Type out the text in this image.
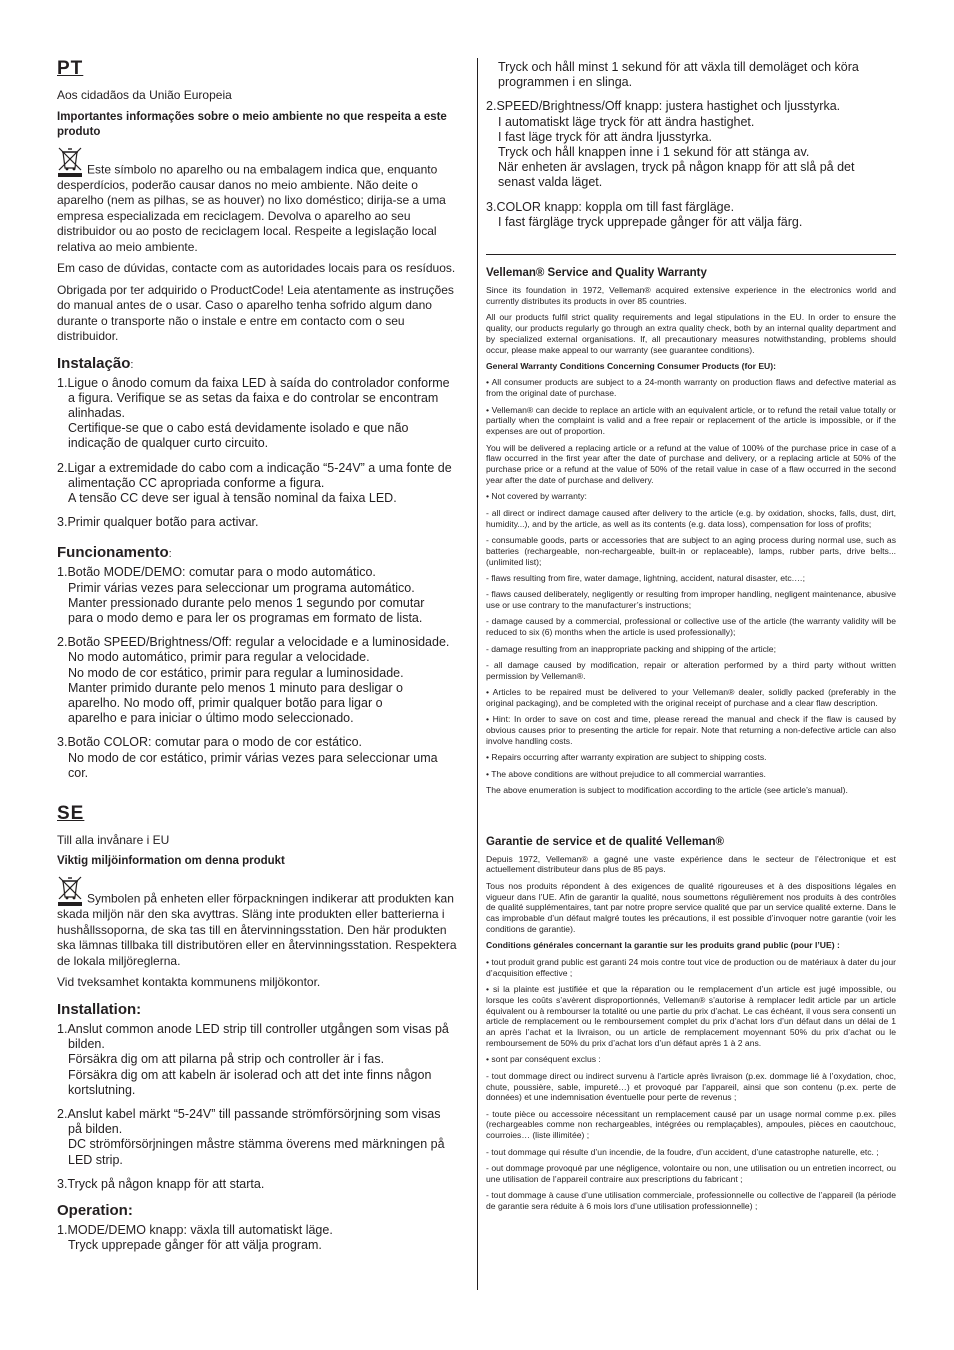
PT
Aos cidadãos da União Europeia
Importantes informações sobre o meio ambiente no que respeita a este produto
Este símbolo no aparelho ou na embalagem indica que, enquanto desperdícios, poderão causar danos no meio ambiente. Não deite o aparelho (nem as pilhas, se as houver) no lixo doméstico; dirija-se a uma empresa especializada em reciclagem. Devolva o aparelho ao seu distribuidor ou ao posto de reciclagem local. Respeite a legislação local relativa ao meio ambiente.
Em caso de dúvidas, contacte com as autoridades locais para os resíduos.
Obrigada por ter adquirido o ProductCode! Leia atentamente as instruções do manual antes de o usar. Caso o aparelho tenha sofrido algum dano durante o transporte não o instale e entre em contacto com o seu distribuidor.
Instalação:
1.Ligue o ânodo comum da faixa LED à saída do controlador conforme
a figura. Verifique se as setas da faixa e do controlar se encontram
alinhadas.
Certifique-se que o cabo está devidamente isolado e que não
indicação de qualquer curto circuito.
2.Ligar a extremidade do cabo com a indicação “5-24V” a uma fonte de
alimentação CC apropriada conforme a figura.
A tensão CC deve ser igual à tensão nominal da faixa LED.
3.Primir qualquer botão para activar.
Funcionamento:
1.Botão MODE/DEMO: comutar para o modo automático.
Primir várias vezes para seleccionar um programa automático.
Manter pressionado durante pelo menos 1 segundo por comutar
para o modo demo e para ler os programas em formato de lista.
2.Botão SPEED/Brightness/Off: regular a velocidade e a luminosidade.
No modo automático, primir para regular a velocidade.
No modo de cor estático, primir para regular a luminosidade.
Manter primido durante pelo menos 1 minuto para desligar o
aparelho. No modo off, primir qualquer botão para ligar o
aparelho e para iniciar o último modo seleccionado.
3.Botão COLOR: comutar para o modo de cor estático.
No modo de cor estático, primir várias vezes para seleccionar uma
cor.
SE
Till alla invånare i EU
Viktig miljöinformation om denna produkt
Symbolen på enheten eller förpackningen indikerar att produkten kan skada miljön när den ska avyttras. Släng inte produkten eller batterierna i hushållssoporna, de ska tas till en återvinningsstation. Den här produkten ska lämnas tillbaka till distributören eller en återvinningsstation. Respektera de lokala miljöreglerna.
Vid tveksamhet kontakta kommunens miljökontor.
Installation:
1.Anslut common anode LED strip till controller utgången som visas på
bilden.
Försäkra dig om att pilarna på strip och controller är i fas.
Försäkra dig om att kabeln är isolerad och att det inte finns någon
kortslutning.
2.Anslut kabel märkt “5-24V” till passande strömförsörjning som visas
på bilden.
DC strömförsörjningen måstre stämma överens med märkningen på
LED strip.
3.Tryck på någon knapp för att starta.
Operation:
1.MODE/DEMO knapp: växla till automatiskt läge.
Tryck upprepade gånger för att välja program.
Tryck och håll minst 1 sekund för att växla till demoläget och köra
programmen i en slinga.
2.SPEED/Brightness/Off knapp: justera hastighet och ljusstyrka.
I automatiskt läge tryck för att ändra hastighet.
I fast läge tryck för att ändra ljusstyrka.
Tryck och håll knappen inne i 1 sekund för att stänga av.
När enheten är avslagen, tryck på någon knapp för att slå på det
senast valda läget.
3.COLOR knapp: koppla om till fast färgläge.
I fast färgläge tryck upprepade gånger för att välja färg.
Velleman® Service and Quality Warranty
Since its foundation in 1972, Velleman® acquired extensive experience in the electronics world and currently distributes its products in over 85 countries.
All our products fulfil strict quality requirements and legal stipulations in the EU. In order to ensure the quality, our products regularly go through an extra quality check, both by an internal quality department and by specialized external organisations. If, all precautionary measures notwithstanding, problems should occur, please make appeal to our warranty (see guarantee conditions).
General Warranty Conditions Concerning Consumer Products (for EU):
• All consumer products are subject to a 24-month warranty on production flaws and defective material as from the original date of purchase.
• Velleman® can decide to replace an article with an equivalent article, or to refund the retail value totally or partially when the complaint is valid and a free repair or replacement of the article is impossible, or if the expenses are out of proportion.
You will be delivered a replacing article or a refund at the value of 100% of the purchase price in case of a flaw occurred in the first year after the date of purchase and delivery, or a replacing article at 50% of the purchase price or a refund at the value of 50% of the retail value in case of a flaw occurred in the second year after the date of purchase and delivery.
• Not covered by warranty:
- all direct or indirect damage caused after delivery to the article (e.g. by oxidation, shocks, falls, dust, dirt, humidity...), and by the article, as well as its contents (e.g. data loss), compensation for loss of profits;
- consumable goods, parts or accessories that are subject to an aging process during normal use, such as batteries (rechargeable, non-rechargeable, built-in or replaceable), lamps, rubber parts, drive belts... (unlimited list);
- flaws resulting from fire, water damage, lightning, accident, natural disaster, etc.…;
- flaws caused deliberately, negligently or resulting from improper handling, negligent maintenance, abusive use or use contrary to the manufacturer’s instructions;
- damage caused by a commercial, professional or collective use of the article (the warranty validity will be reduced to six (6) months when the article is used professionally);
- damage resulting from an inappropriate packing and shipping of the article;
- all damage caused by modification, repair or alteration performed by a third party without written permission by Velleman®.
• Articles to be repaired must be delivered to your Velleman® dealer, solidly packed (preferably in the original packaging), and be completed with the original receipt of purchase and a clear flaw description.
• Hint: In order to save on cost and time, please reread the manual and check if the flaw is caused by obvious causes prior to presenting the article for repair. Note that returning a non-defective article can also involve handling costs.
• Repairs occurring after warranty expiration are subject to shipping costs.
• The above conditions are without prejudice to all commercial warranties.
The above enumeration is subject to modification according to the article (see article’s manual).
Garantie de service et de qualité Velleman®
Depuis 1972, Velleman® a gagné une vaste expérience dans le secteur de l’électronique et est actuellement distributeur dans plus de 85 pays.
Tous nos produits répondent à des exigences de qualité rigoureuses et à des dispositions légales en vigueur dans l’UE. Afin de garantir la qualité, nous soumettons régulièrement nos produits à des contrôles de qualité supplémentaires, tant par notre propre service qualité que par un service qualité externe. Dans le cas improbable d’un défaut malgré toutes les précautions, il est possible d’invoquer notre garantie (voir les conditions de garantie).
Conditions générales concernant la garantie sur les produits grand public (pour l’UE) :
• tout produit grand public est garanti 24 mois contre tout vice de production ou de matériaux à dater du jour d’acquisition effective ;
• si la plainte est justifiée et que la réparation ou le remplacement d’un article est jugé impossible, ou lorsque les coûts s’avèrent disproportionnés, Velleman® s’autorise à remplacer ledit article par un article équivalent ou à rembourser la totalité ou une partie du prix d’achat. Le cas échéant, il vous sera consenti un article de remplacement ou le remboursement complet du prix d’achat lors d’un défaut dans un délai de 1 an après l’achat et la livraison, ou un article de remplacement moyennant 50% du prix d’achat ou le remboursement de 50% du prix d’achat lors d’un défaut après 1 à 2 ans.
• sont par conséquent exclus :
- tout dommage direct ou indirect survenu à l’article après livraison (p.ex. dommage lié à l’oxydation, choc, chute, poussière, sable, impureté…) et provoqué par l’appareil, ainsi que son contenu (p.ex. perte de données) et une indemnisation éventuelle pour perte de revenus ;
- toute pièce ou accessoire nécessitant un remplacement causé par un usage normal comme p.ex. piles (rechargeables comme non rechargeables, intégrées ou remplaçables), ampoules, pièces en caoutchouc, courroies… (liste illimitée) ;
- tout dommage qui résulte d’un incendie, de la foudre, d’un accident, d’une catastrophe naturelle, etc. ;
- out dommage provoqué par une négligence, volontaire ou non, une utilisation ou un entretien incorrect, ou une utilisation de l’appareil contraire aux prescriptions du fabricant ;
- tout dommage à cause d’une utilisation commerciale, professionnelle ou collective de l’appareil (la période de garantie sera réduite à 6 mois lors d’une utilisation professionnelle) ;
